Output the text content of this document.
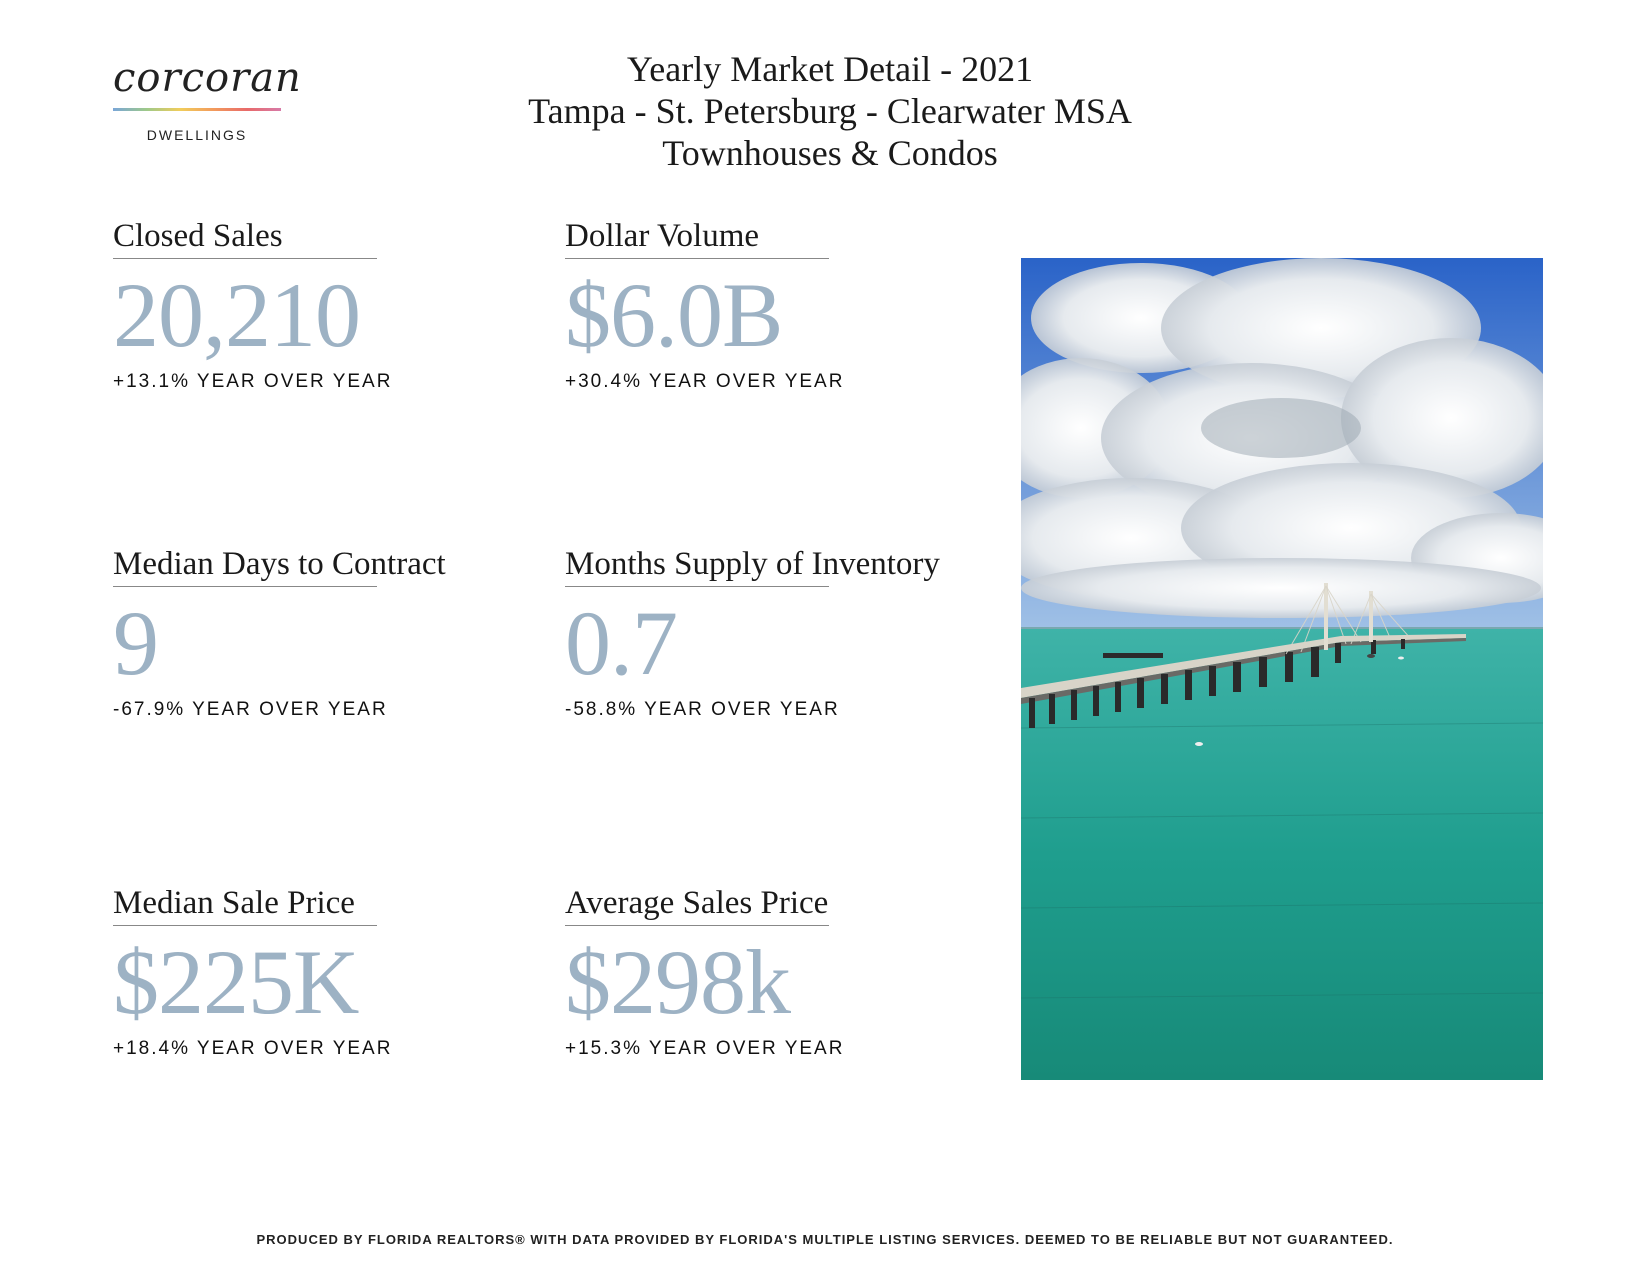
corcoran
DWELLINGS
Yearly Market Detail - 2021
Tampa - St. Petersburg - Clearwater MSA
Townhouses & Condos
Closed Sales
20,210
+13.1% YEAR OVER YEAR
Dollar Volume
$6.0B
+30.4% YEAR OVER YEAR
Median Days to Contract
9
-67.9% YEAR OVER YEAR
Months Supply of Inventory
0.7
-58.8% YEAR OVER YEAR
Median Sale Price
$225K
+18.4% YEAR OVER YEAR
Average Sales Price
$298k
+15.3% YEAR OVER YEAR
PRODUCED BY FLORIDA REALTORS® WITH DATA PROVIDED BY FLORIDA'S MULTIPLE LISTING SERVICES. DEEMED TO BE RELIABLE BUT NOT GUARANTEED.
